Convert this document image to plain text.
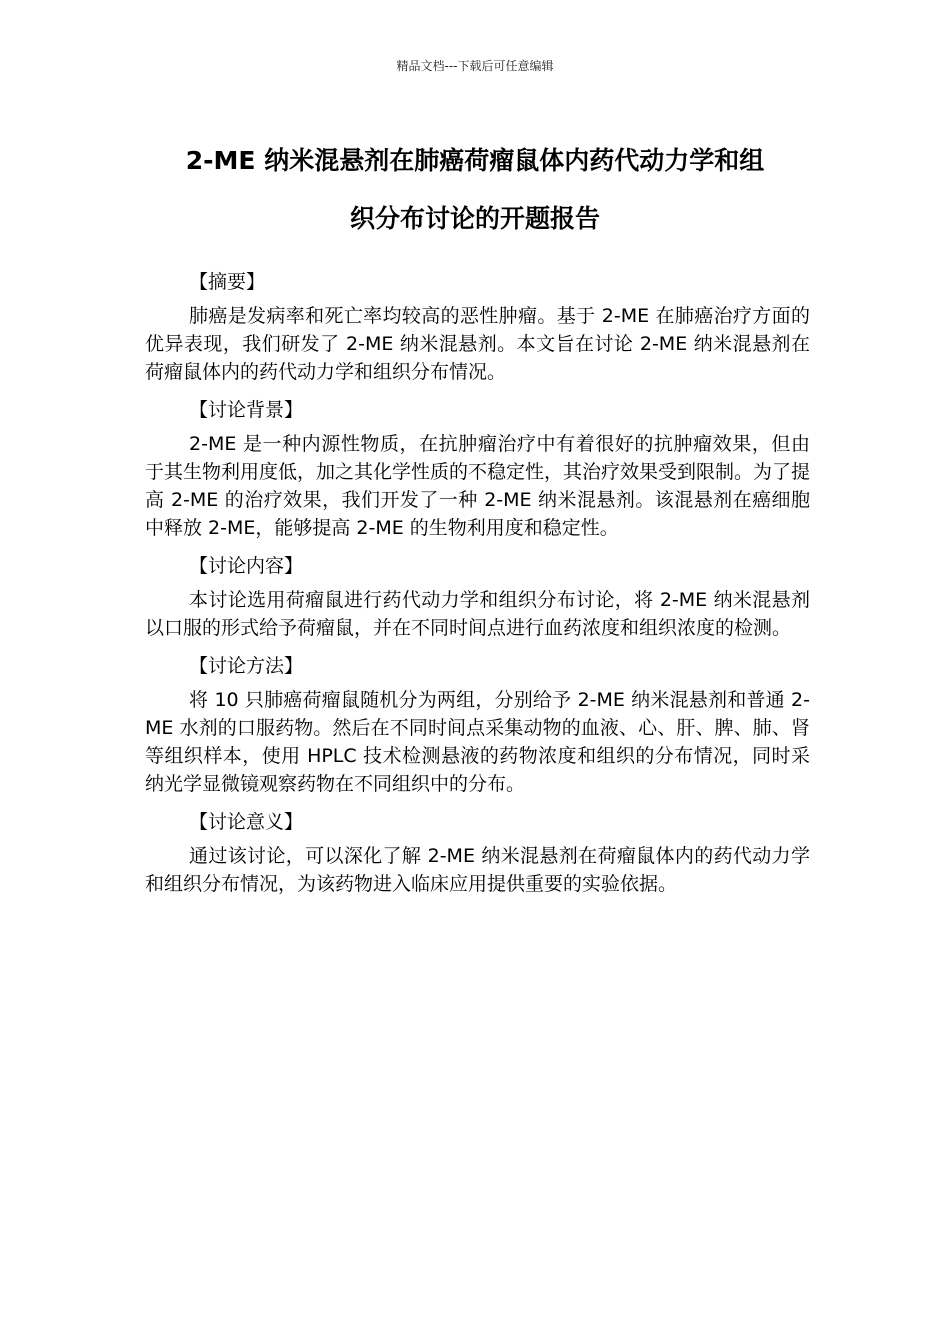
精品文档---下载后可任意编辑
2-ME 纳米混悬剂在肺癌荷瘤鼠体内药代动力学和组
织分布讨论的开题报告

【摘要】

肺癌是发病率和死亡率均较高的恶性肿瘤。基于 2-ME 在肺癌治疗方面的优异表现，我们研发了 2-ME 纳米混悬剂。本文旨在讨论 2-ME 纳米混悬剂在荷瘤鼠体内的药代动力学和组织分布情况。

【讨论背景】

2-ME 是一种内源性物质，在抗肿瘤治疗中有着很好的抗肿瘤效果，但由于其生物利用度低，加之其化学性质的不稳定性，其治疗效果受到限制。为了提高 2-ME 的治疗效果，我们开发了一种 2-ME 纳米混悬剂。该混悬剂在癌细胞中释放 2-ME，能够提高 2-ME 的生物利用度和稳定性。

【讨论内容】

本讨论选用荷瘤鼠进行药代动力学和组织分布讨论，将 2-ME 纳米混悬剂以口服的形式给予荷瘤鼠，并在不同时间点进行血药浓度和组织浓度的检测。

【讨论方法】

将 10 只肺癌荷瘤鼠随机分为两组，分别给予 2-ME 纳米混悬剂和普通 2-ME 水剂的口服药物。然后在不同时间点采集动物的血液、心、肝、脾、肺、肾等组织样本，使用 HPLC 技术检测悬液的药物浓度和组织的分布情况，同时采纳光学显微镜观察药物在不同组织中的分布。

【讨论意义】

通过该讨论，可以深化了解 2-ME 纳米混悬剂在荷瘤鼠体内的药代动力学和组织分布情况，为该药物进入临床应用提供重要的实验依据。
